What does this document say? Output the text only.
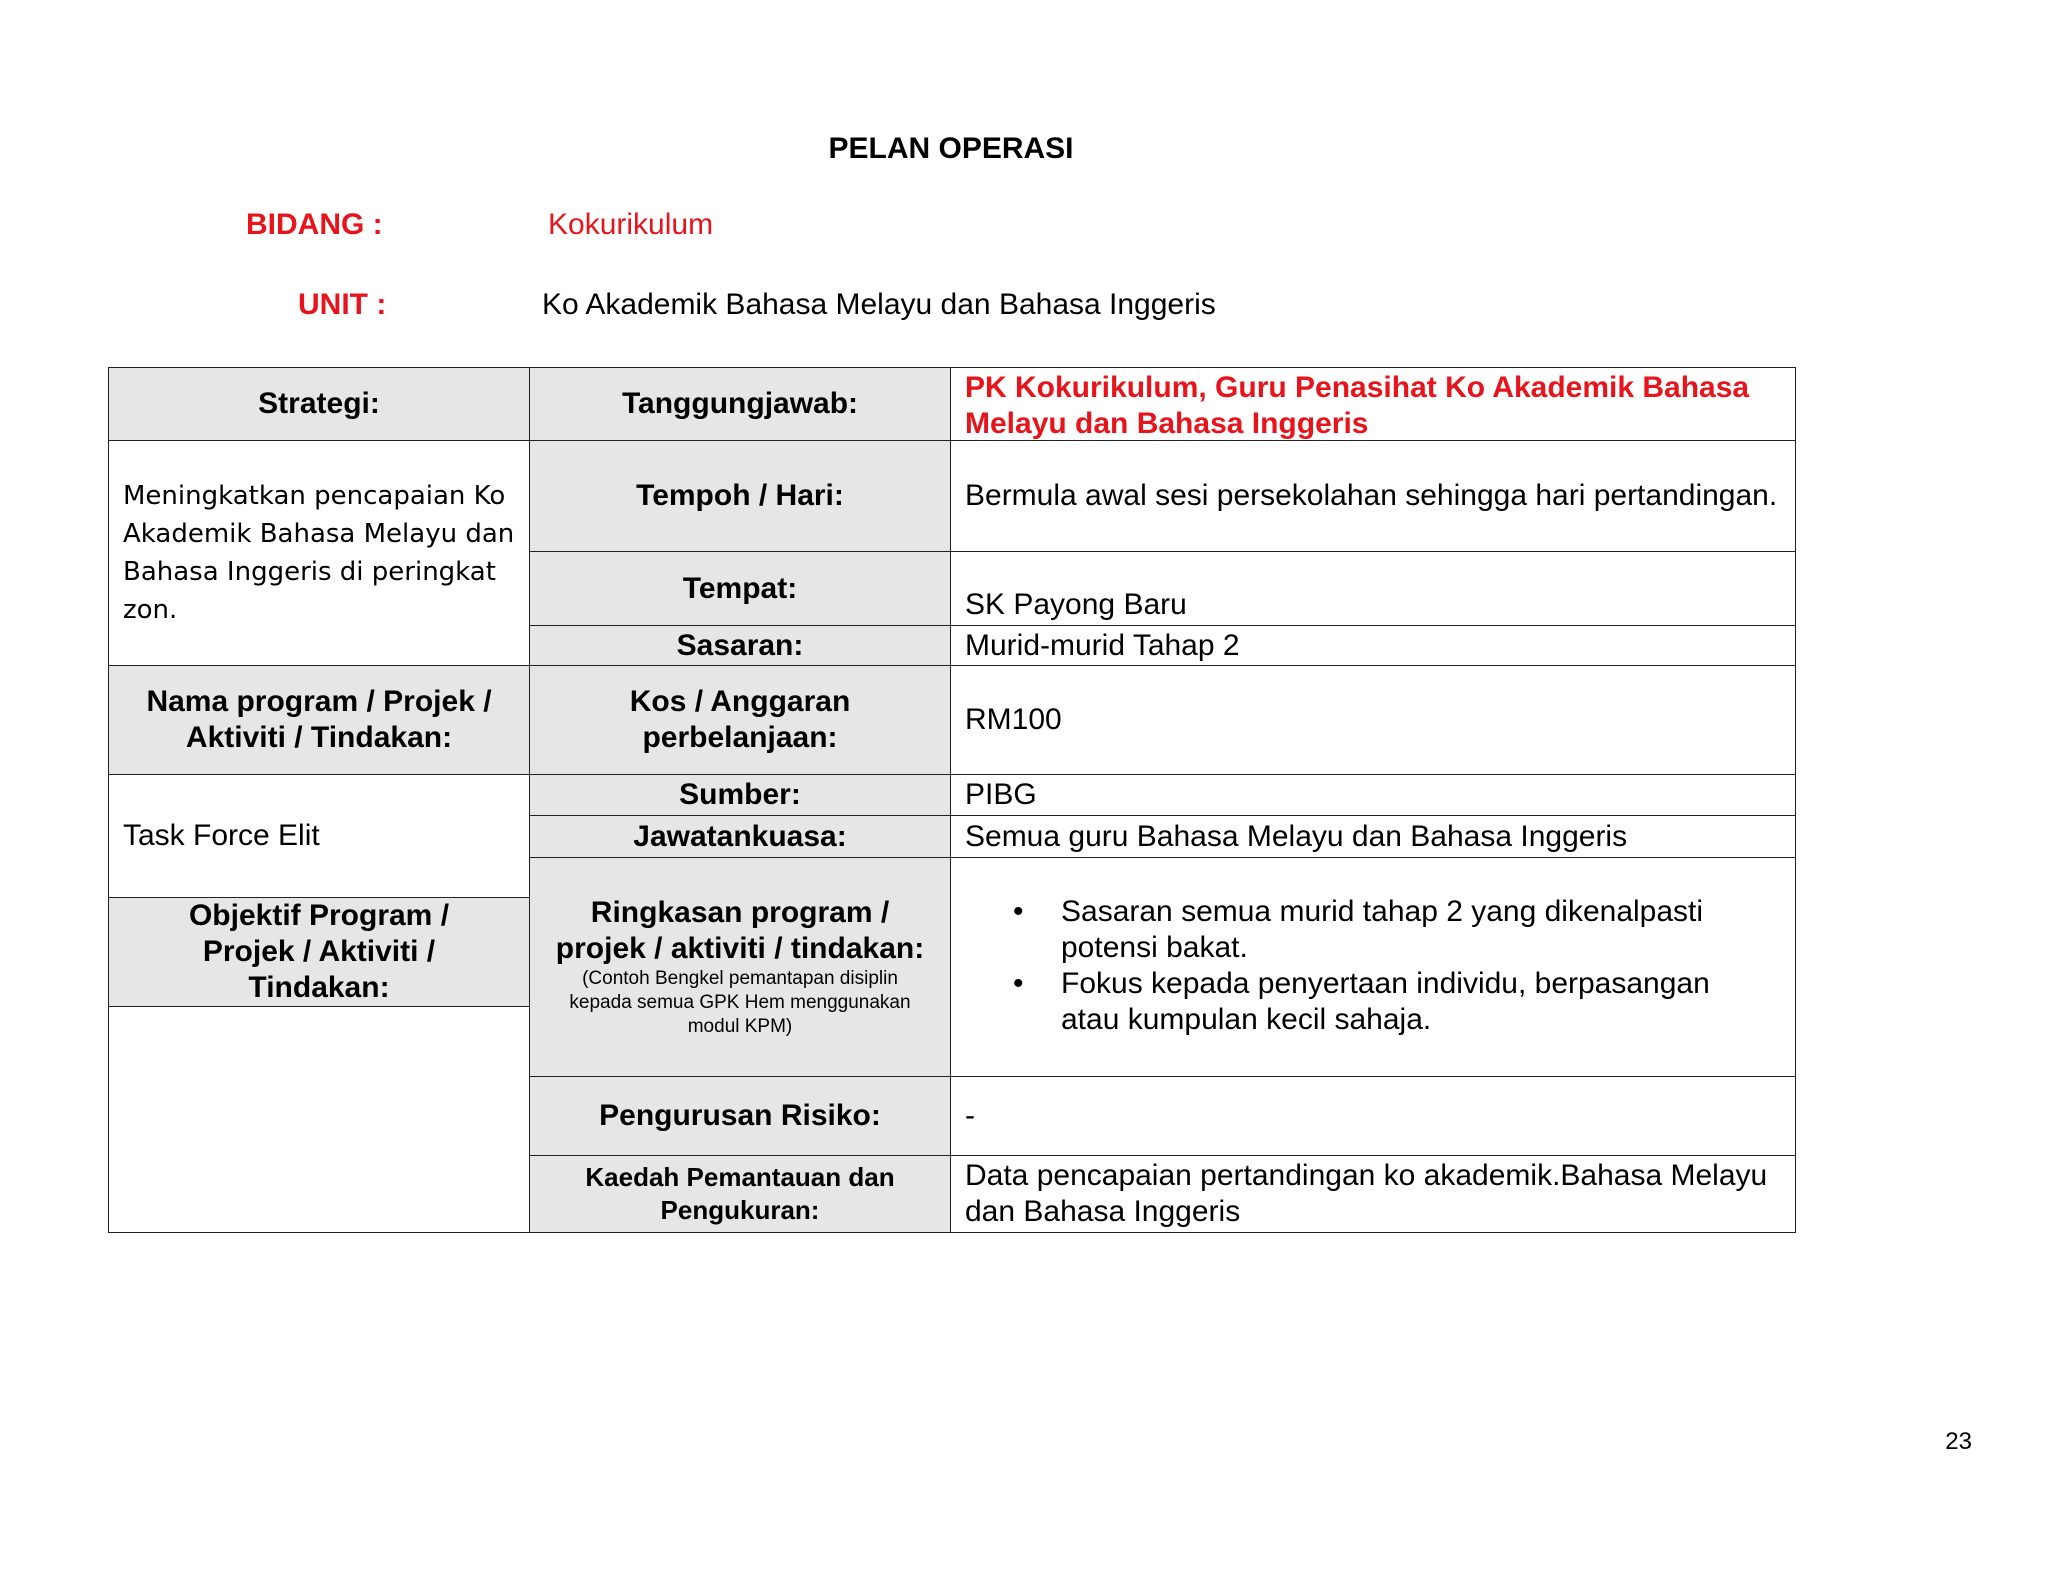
PELAN OPERASI
BIDANG :	Kokurikulum
UNIT :	Ko Akademik Bahasa Melayu dan Bahasa Inggeris
Strategi:
Meningkatkan pencapaian Ko Akademik Bahasa Melayu dan Bahasa Inggeris di peringkat zon.
Nama program / Projek / Aktiviti / Tindakan:
Task Force Elit
Objektif Program / Projek / Aktiviti / Tindakan:
Tanggungjawab:
Tempoh / Hari:
Tempat:
Sasaran:
Kos / Anggaran perbelanjaan:
Sumber:
Jawatankuasa:
Ringkasan program / projek / aktiviti / tindakan:
(Contoh Bengkel pemantapan disiplin kepada semua GPK Hem menggunakan modul KPM)
Pengurusan Risiko:
Kaedah Pemantauan dan Pengukuran:
PK Kokurikulum, Guru Penasihat Ko Akademik Bahasa Melayu dan Bahasa Inggeris
Bermula awal sesi persekolahan sehingga hari pertandingan.
SK Payong Baru
Murid-murid Tahap 2
RM100
PIBG
Semua guru Bahasa Melayu dan Bahasa Inggeris
• Sasaran semua murid tahap 2 yang dikenalpasti potensi bakat.
• Fokus kepada penyertaan individu, berpasangan atau kumpulan kecil sahaja.
-
Data pencapaian pertandingan ko akademik.Bahasa Melayu dan Bahasa Inggeris
23
